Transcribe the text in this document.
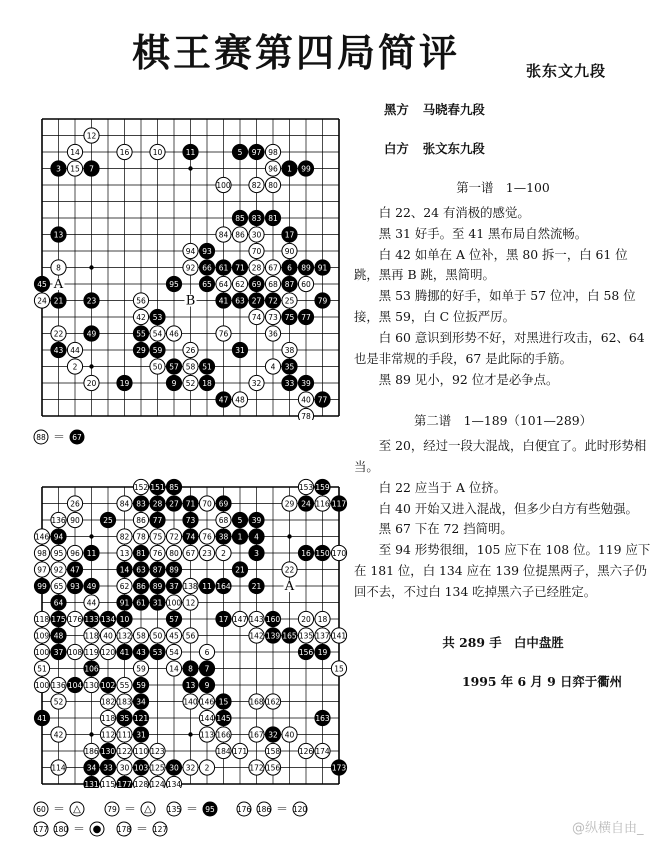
棋王赛第四局简评	张东文九段
12
14	16	10	11	5 97 98
3 15 7	96 1 99
100	82 80
85 83 81
13	84 86 30	17
94 93	70	90
8	92 66 61 71 28 67 6 89 91
45	95	65 64 62 69 68 87 60
24 21	23	56	41 63 27 72 25	79
42 53	74 73 75 77
22	49	55 54 46	76	36
43 44	29 59	26	31	38
2	50 57 58 51	4 35
20	19	9 52 18	32	33 39
47 48	40 77
78
A
B
88 ＝ 67
152 151 85	153 159
26	84 83 28 27 71 70 69	29 24 116 117
136 90	25	86 77	73	68 5 39
146 94	82 78 75 72 74 76 38 1 4
98 95 96 11	13 81 76 80 67 23 2	3	16 150 170
97 92 47	14 63 87 89	21	22
99 65 93 49	62 86 89 37 138 11 164	21
64	44	91 61 31 100 12
118 175 176 133 134 10	57	17 147 143 160	20 18
109 48	118 40 132 58 50 45 56	142 139 165 135 137 141
100 37 108 119 120 41 43 53 54	6	156 19
51	106	59	14 8 7	15
100 136 104 130 102 55 59	13 9
52	182 183 34	140 146 15	168 162
41	118 35 121	144 145	163
42	112 111 31	113 166 167 32 40
186 130 122 110 123	184 171 158 126 174
114	34 33 30 103 125 30 32 2	172 156	173
131 115 177 128 124 134
A
60 ＝ △	79 ＝ △ 135 ＝ 95	176 186 ＝ 120
177 180 ＝ ● 178 ＝ 127

黑方 马晓春九段

白方 张文东九段

第一谱　1—100

白 22、24 有消极的感觉。

黑 31 好手。至 41 黑布局自然流畅。

白 42 如单在 A 位补，黑 80 拆一，白 61 位跳，黑再 B 跳，黑简明。

黑 53 腾挪的好手，如单于 57 位冲，白 58 位接，黑 59，白 C 位扳严厉。

白 60 意识到形势不好，对黑进行攻击，62、64 也是非常规的手段，67 是此际的手筋。

黑 89 见小，92 位才是必争点。

第二谱　1—189（101—289）

至 20，经过一段大混战，白便宜了。此时形势相当。

白 22 应当于 A 位挤。

白 40 开始又进入混战，但多少白方有些勉强。

黑 67 下在 72 挡简明。

至 94 形势很细，105 应下在 108 位。119 应下在 181 位，白 134 应在 139 位提黑两子，黑六子仍回不去，不过白 134 吃掉黑六子已经胜定。

共 289 手　白中盘胜

1995 年 6 月 9 日弈于衢州

@纵横自由_
